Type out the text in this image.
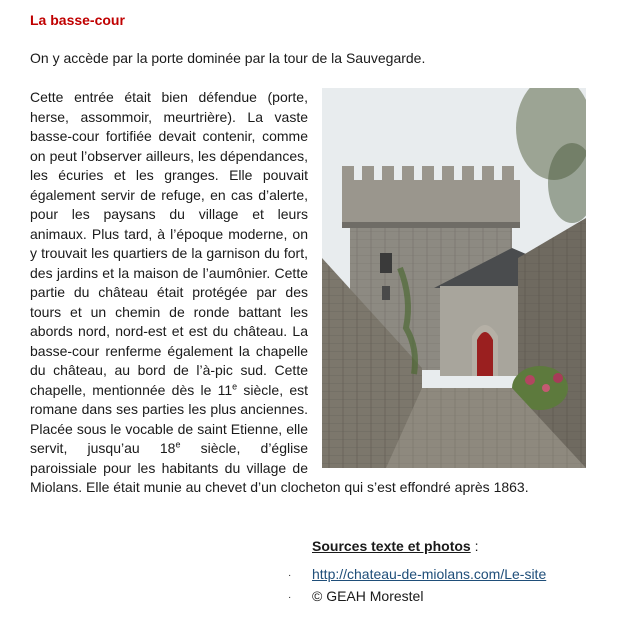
La basse-cour
On y accède par la porte dominée par la tour de la Sauvegarde.

Cette entrée était bien défendue (porte, herse, assommoir, meurtrière). La vaste basse-cour fortifiée devait contenir, comme on peut l’observer ailleurs, les dépendances, les écuries et les granges. Elle pouvait également servir de refuge, en cas d’alerte, pour les paysans du village et leurs animaux. Plus tard, à l’époque moderne, on y trouvait les quartiers de la garnison du fort, des jardins et la maison de l’aumônier. Cette partie du château était protégée par des tours et un chemin de ronde battant les abords nord, nord-est et est du château. La basse-cour renferme également la chapelle du château, au bord de l’à-pic sud. Cette chapelle, mentionnée dès le 11e siècle, est romane dans ses parties les plus anciennes. Placée sous le vocable de saint Etienne, elle servit, jusqu’au 18e siècle, d’église paroissiale pour les habitants du village de Miolans. Elle était munie au chevet d’un clocheton qui s’est effondré après 1863.

Sources texte et photos :
· http://chateau-de-miolans.com/Le-site
· © GEAH Morestel
